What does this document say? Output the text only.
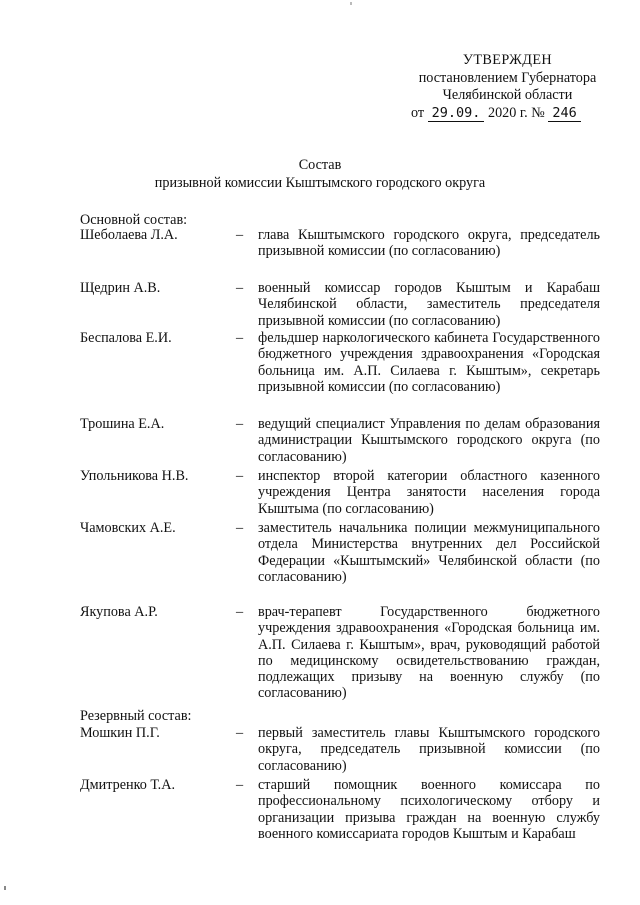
УТВЕРЖДЕН
постановлением Губернатора
Челябинской области
от 29.09. 2020 г. № 246
Состав
призывной комиссии Кыштымского городского округа
Основной состав:
Шеболаева Л.А.	– глава Кыштымского городского округа, председатель призывной комиссии (по согласованию)
Щедрин А.В.	– военный комиссар городов Кыштым и Карабаш Челябинской области, заместитель председателя призывной комиссии (по согласованию)
Беспалова Е.И.	– фельдшер наркологического кабинета Государственного бюджетного учреждения здравоохранения «Городская больница им. А.П. Силаева г. Кыштым», секретарь призывной комиссии (по согласованию)
Трошина Е.А.	– ведущий специалист Управления по делам образования администрации Кыштымского городского округа (по согласованию)
Упольникова Н.В.	– инспектор второй категории областного казенного учреждения Центра занятости населения города Кыштыма (по согласованию)
Чамовских А.Е.	– заместитель начальника полиции межмуниципального отдела Министерства внутренних дел Российской Федерации «Кыштымский» Челябинской области (по согласованию)
Якупова А.Р.	– врач-терапевт Государственного бюджетного учреждения здравоохранения «Городская больница им. А.П. Силаева г. Кыштым», врач, руководящий работой по медицинскому освидетельствованию граждан, подлежащих призыву на военную службу (по согласованию)
Резервный состав:
Мошкин П.Г.	– первый заместитель главы Кыштымского городского округа, председатель призывной комиссии (по согласованию)
Дмитренко Т.А.	– старший помощник военного комиссара по профессиональному психологическому отбору и организации призыва граждан на военную службу военного комиссариата городов Кыштым и Карабаш
